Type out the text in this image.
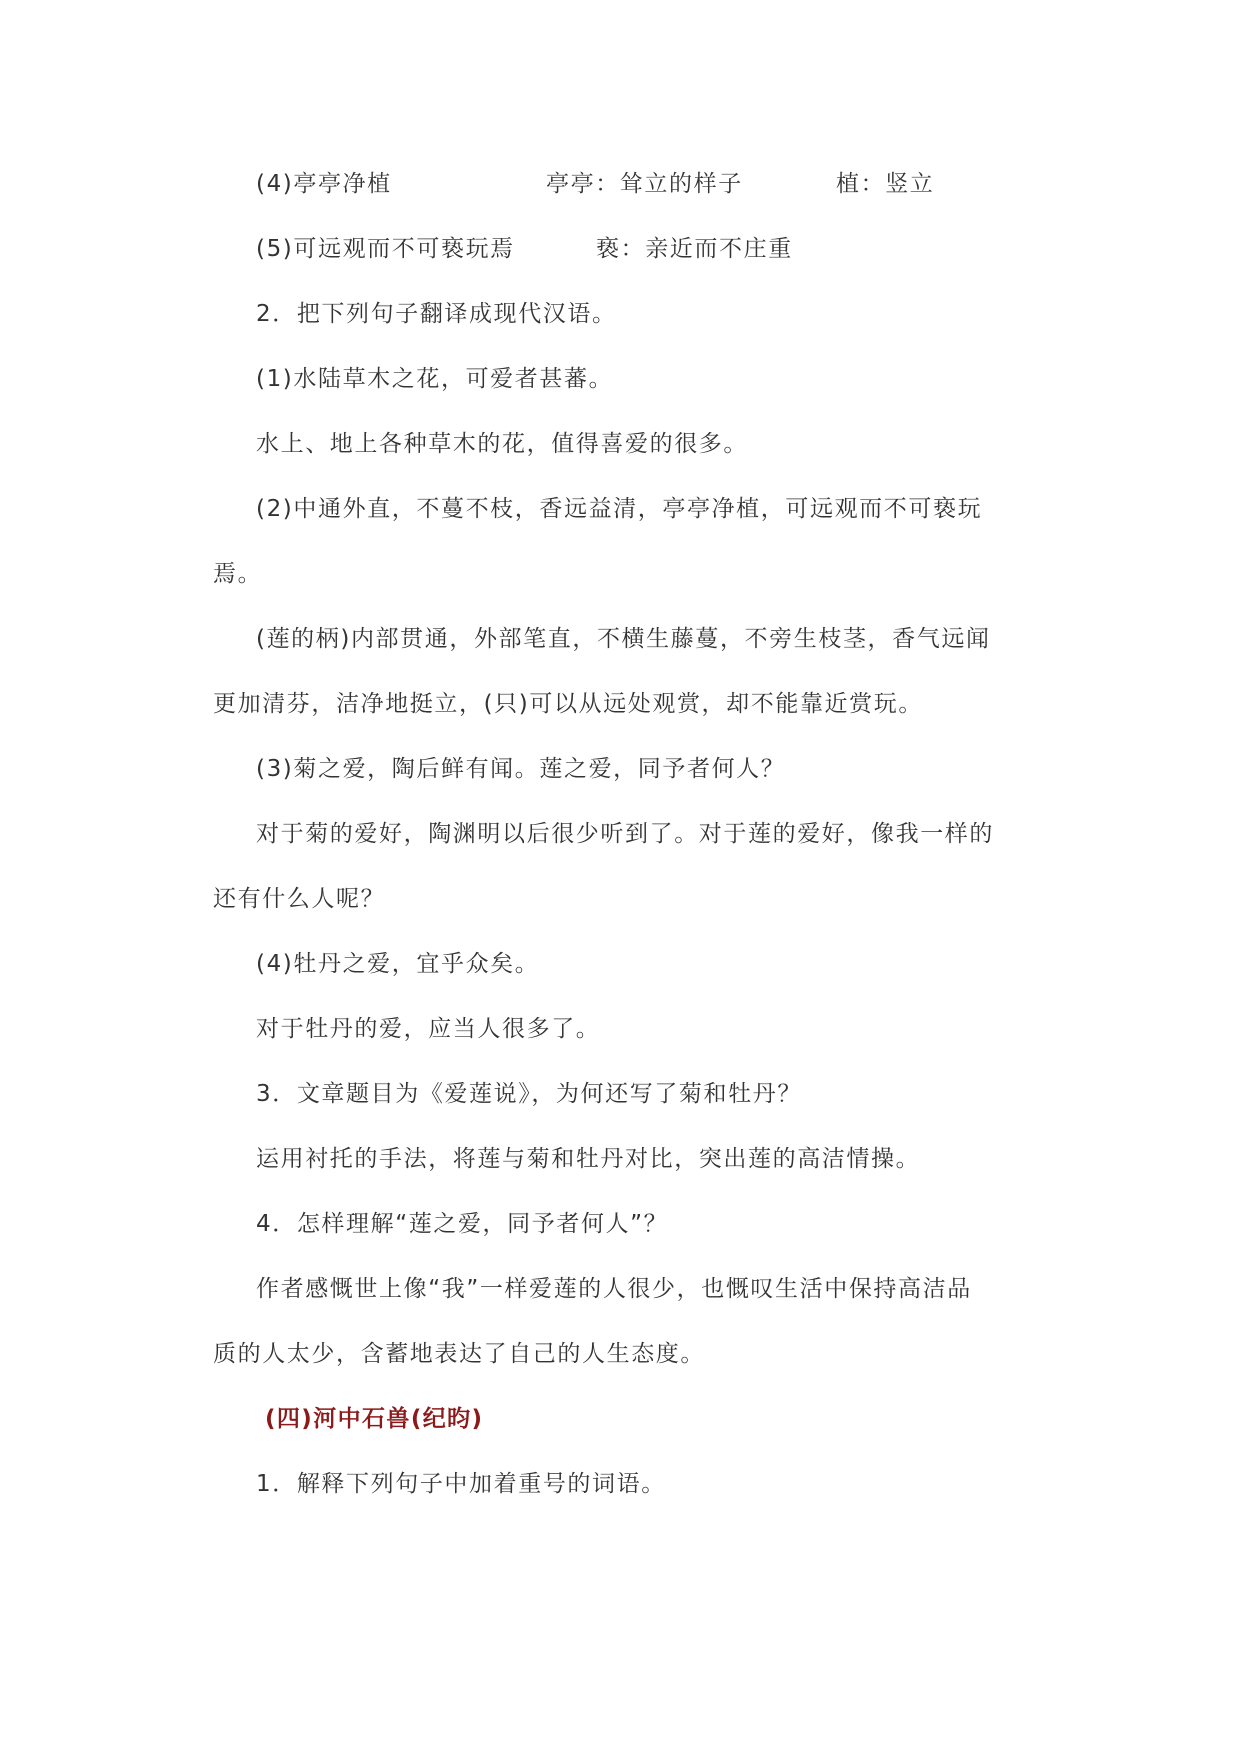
(4)亭亭净植	亭亭：耸立的样子	植：竖立
(5)可远观而不可亵玩焉	亵：亲近而不庄重
2．把下列句子翻译成现代汉语。
(1)水陆草木之花，可爱者甚蕃。
水上、地上各种草木的花，值得喜爱的很多。
(2)中通外直，不蔓不枝，香远益清，亭亭净植，可远观而不可亵玩
焉。
(莲的柄)内部贯通，外部笔直，不横生藤蔓，不旁生枝茎，香气远闻
更加清芬，洁净地挺立，(只)可以从远处观赏，却不能靠近赏玩。
(3)菊之爱，陶后鲜有闻。莲之爱，同予者何人？
对于菊的爱好，陶渊明以后很少听到了。对于莲的爱好，像我一样的
还有什么人呢？
(4)牡丹之爱，宜乎众矣。
对于牡丹的爱，应当人很多了。
3．文章题目为《爱莲说》，为何还写了菊和牡丹？
运用衬托的手法，将莲与菊和牡丹对比，突出莲的高洁情操。
4．怎样理解“莲之爱，同予者何人”？
作者感慨世上像“我”一样爱莲的人很少，也慨叹生活中保持高洁品
质的人太少，含蓄地表达了自己的人生态度。
(四)河中石兽(纪昀)
1．解释下列句子中加着重号的词语。
